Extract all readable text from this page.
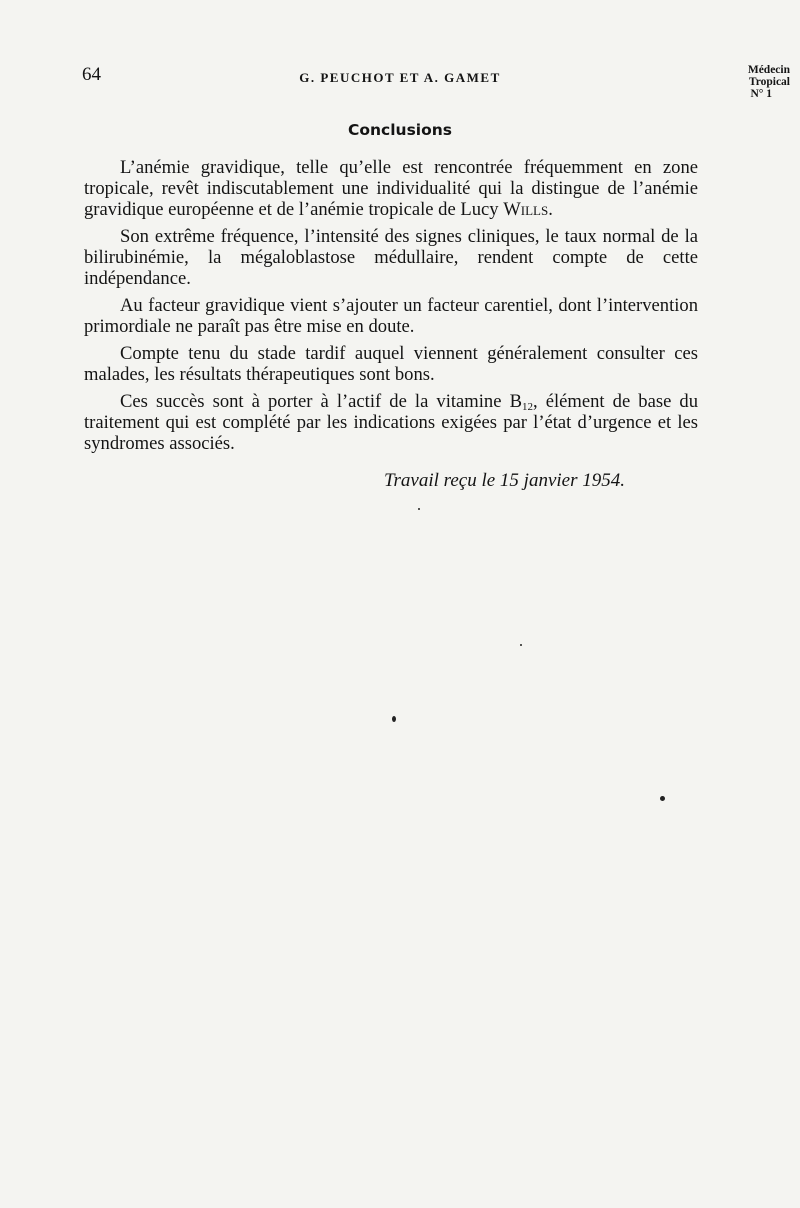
64	G. PEUCHOT ET A. GAMET	Médecin
Tropical
N° 1
Conclusions

L’anémie gravidique, telle qu’elle est rencontrée fréquemment en zone tropicale, revêt indiscutablement une individualité qui la distingue de l’anémie gravidique européenne et de l’anémie tropicale de Lucy Wills.

Son extrême fréquence, l’intensité des signes cliniques, le taux normal de la bilirubinémie, la mégaloblastose médullaire, rendent compte de cette indépendance.

Au facteur gravidique vient s’ajouter un facteur carentiel, dont l’intervention primordiale ne paraît pas être mise en doute.

Compte tenu du stade tardif auquel viennent généralement consulter ces malades, les résultats thérapeutiques sont bons.

Ces succès sont à porter à l’actif de la vitamine $B_{12}$, élément de base du traitement qui est complété par les indications exigées par l’état d’urgence et les syndromes associés.

Travail reçu le 15 janvier 1954.
